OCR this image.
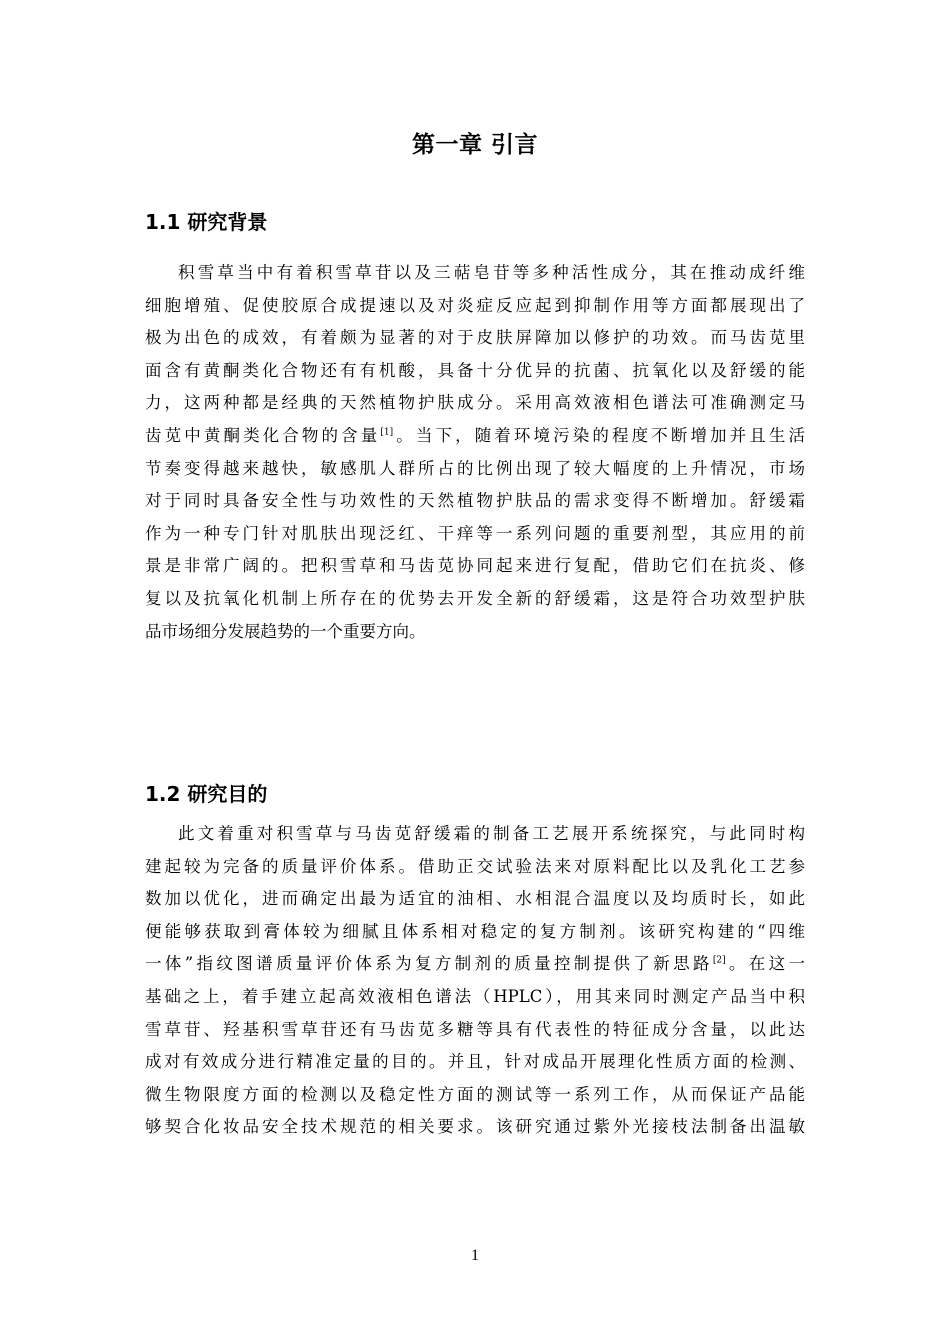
第一章 引言
1.1 研究背景
积雪草当中有着积雪草苷以及三萜皂苷等多种活性成分，其在推动成纤维
细胞增殖、促使胶原合成提速以及对炎症反应起到抑制作用等方面都展现出了
极为出色的成效，有着颇为显著的对于皮肤屏障加以修护的功效。而马齿苋里
面含有黄酮类化合物还有有机酸，具备十分优异的抗菌、抗氧化以及舒缓的能
力，这两种都是经典的天然植物护肤成分。采用高效液相色谱法可准确测定马
齿苋中黄酮类化合物的含量[1]。当下，随着环境污染的程度不断增加并且生活
节奏变得越来越快，敏感肌人群所占的比例出现了较大幅度的上升情况，市场
对于同时具备安全性与功效性的天然植物护肤品的需求变得不断增加。舒缓霜
作为一种专门针对肌肤出现泛红、干痒等一系列问题的重要剂型，其应用的前
景是非常广阔的。把积雪草和马齿苋协同起来进行复配，借助它们在抗炎、修
复以及抗氧化机制上所存在的优势去开发全新的舒缓霜，这是符合功效型护肤
品市场细分发展趋势的一个重要方向。
1.2 研究目的
此文着重对积雪草与马齿苋舒缓霜的制备工艺展开系统探究，与此同时构
建起较为完备的质量评价体系。借助正交试验法来对原料配比以及乳化工艺参
数加以优化，进而确定出最为适宜的油相、水相混合温度以及均质时长，如此
便能够获取到膏体较为细腻且体系相对稳定的复方制剂。该研究构建的“四维
一体”指纹图谱质量评价体系为复方制剂的质量控制提供了新思路[2]。在这一
基础之上，着手建立起高效液相色谱法（HPLC），用其来同时测定产品当中积
雪草苷、羟基积雪草苷还有马齿苋多糖等具有代表性的特征成分含量，以此达
成对有效成分进行精准定量的目的。并且，针对成品开展理化性质方面的检测、
微生物限度方面的检测以及稳定性方面的测试等一系列工作，从而保证产品能
够契合化妆品安全技术规范的相关要求。该研究通过紫外光接枝法制备出温敏
1
